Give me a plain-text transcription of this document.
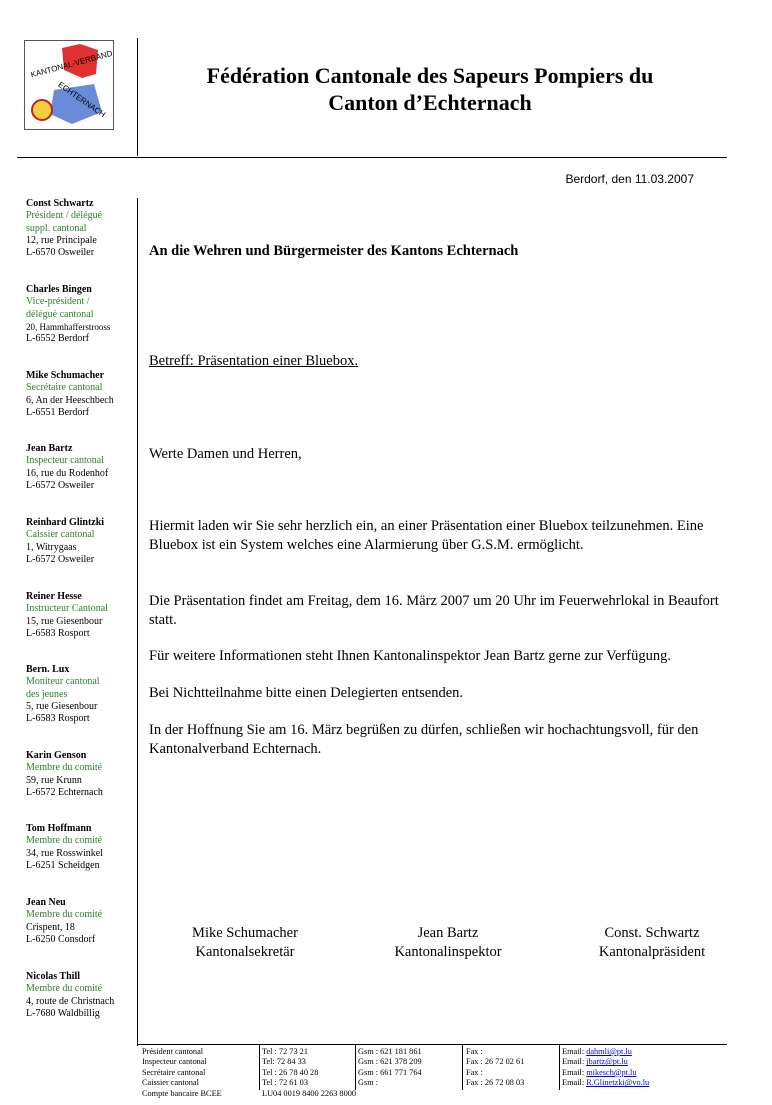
KANTONAL-VERBAND
ECHTERNACH
Fédération Cantonale des Sapeurs Pompiers du
Canton d’Echternach
Berdorf, den 11.03.2007
Const Schwartz
Président / délégué
suppl. cantonal
12, rue Principale
L-6570 Osweiler
Charles Bingen
Vice-président /
délégué cantonal
20, Hammhafferstrooss
L-6552 Berdorf
Mike Schumacher
Secrétaire cantonal
6, An der Heeschbech
L-6551 Berdorf
Jean Bartz
Inspecteur cantonal
16, rue du Rodenhof
L-6572 Osweiler
Reinhard Glintzki
Caissier cantonal
1, Witrygaas
L-6572 Osweiler
Reiner Hesse
Instructeur Cantonal
15, rue Giesenbour
L-6583 Rosport
Bern. Lux
Moniteur cantonal
des jeunes
5, rue Giesenbour
L-6583 Rosport
Karin Genson
Membre du comité
59, rue Krunn
L-6572 Echternach
Tom Hoffmann
Membre du comité
34, rue Rosswinkel
L-6251 Scheidgen
Jean Neu
Membre du comité
Crispent, 18
L-6250 Consdorf
Nicolas Thill
Membre du comité
4, route de Christnach
L-7680 Waldbillig
An die Wehren und Bürgermeister des Kantons Echternach
Betreff: Präsentation einer Bluebox.
Werte Damen und Herren,
Hiermit laden wir Sie sehr herzlich ein, an einer Präsentation einer Bluebox teilzunehmen. Eine Bluebox ist ein System welches eine Alarmierung über G.S.M. ermöglicht.
Die Präsentation findet am Freitag, dem 16. März 2007 um 20 Uhr im Feuerwehrlokal in Beaufort statt.
Für weitere Informationen steht Ihnen Kantonalinspektor Jean Bartz gerne zur Verfügung.
Bei Nichtteilnahme bitte einen Delegierten entsenden.
In der Hoffnung Sie am 16. März begrüßen zu dürfen, schließen wir hochachtungsvoll, für den Kantonalverband Echternach.
Mike Schumacher
Kantonalsekretär
Jean Bartz
Kantonalinspektor
Const. Schwartz
Kantonalpräsident
Président cantonal
Inspecteur cantonal
Secrétaire cantonal
Caissier cantonal
Compte bancaire BCEE
Tel : 72 73 21
Tel: 72 84 33
Tel : 26 78 40 28
Tel : 72 61 03
LU04 0019 8400 2263 8000
Gsm : 621 181 861
Gsm : 621 378 209
Gsm : 661 771 764
Gsm :
Fax :
Fax : 26 72 02 61
Fax :
Fax : 26 72 08 03
Email: dahmli@pt.lu
Email: jbartz@pt.lu
Email: mikesch@pt.lu
Email: R.Glinetzki@vo.lu
